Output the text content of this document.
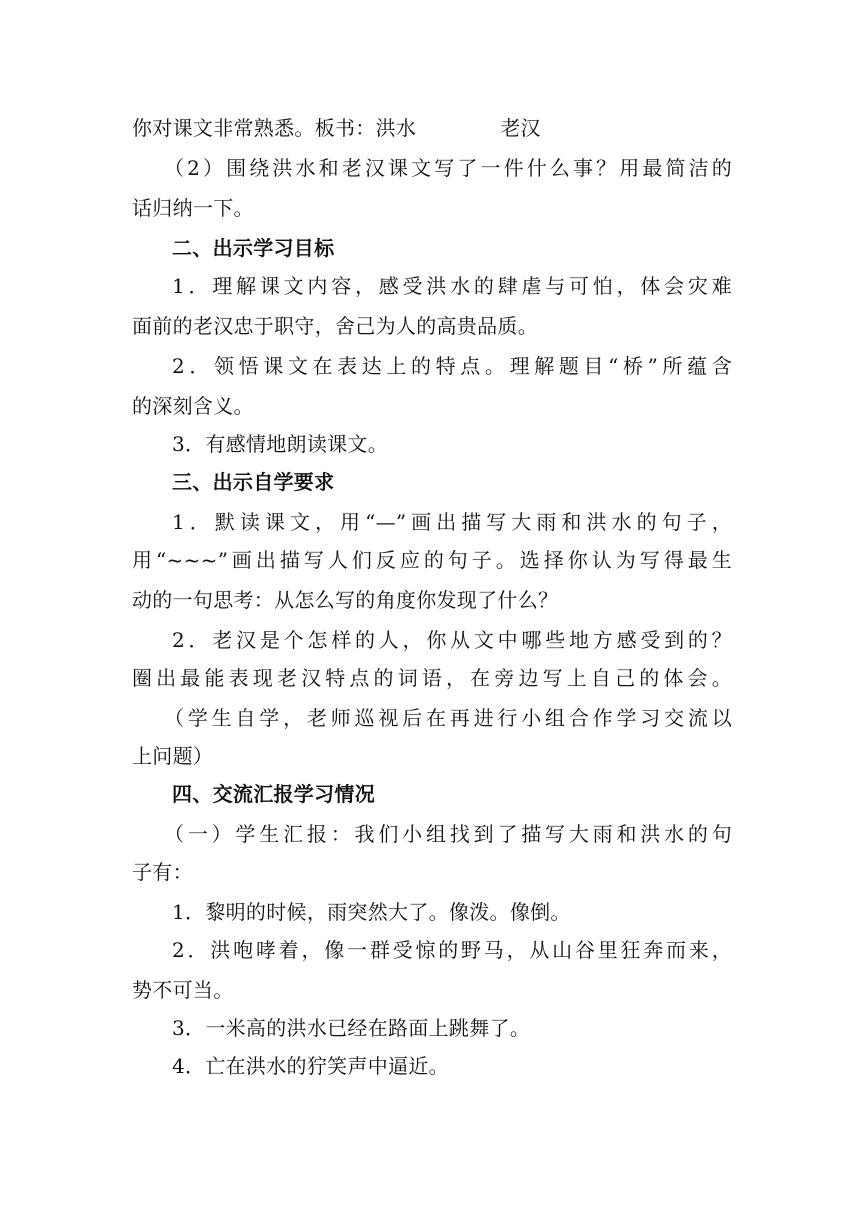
你对课文非常熟悉。板书：洪水	老汉
（2）围绕洪水和老汉课文写了一件什么事？用最简洁的
话归纳一下。
二、出示学习目标
1．理解课文内容，感受洪水的肆虐与可怕，体会灾难
面前的老汉忠于职守，舍己为人的高贵品质。
2．领悟课文在表达上的特点。理解题目“桥”所蕴含
的深刻含义。
3．有感情地朗读课文。
三、出示自学要求
1．默读课文，用“—”画出描写大雨和洪水的句子，
用“~~~”画出描写人们反应的句子。选择你认为写得最生
动的一句思考：从怎么写的角度你发现了什么？
2．老汉是个怎样的人，你从文中哪些地方感受到的？
圈出最能表现老汉特点的词语，在旁边写上自己的体会。
（学生自学，老师巡视后在再进行小组合作学习交流以
上问题）
四、交流汇报学习情况
（一）学生汇报：我们小组找到了描写大雨和洪水的句
子有：
1．黎明的时候，雨突然大了。像泼。像倒。
2．洪咆哮着，像一群受惊的野马，从山谷里狂奔而来，
势不可当。
3．一米高的洪水已经在路面上跳舞了。
4．亡在洪水的狞笑声中逼近。
